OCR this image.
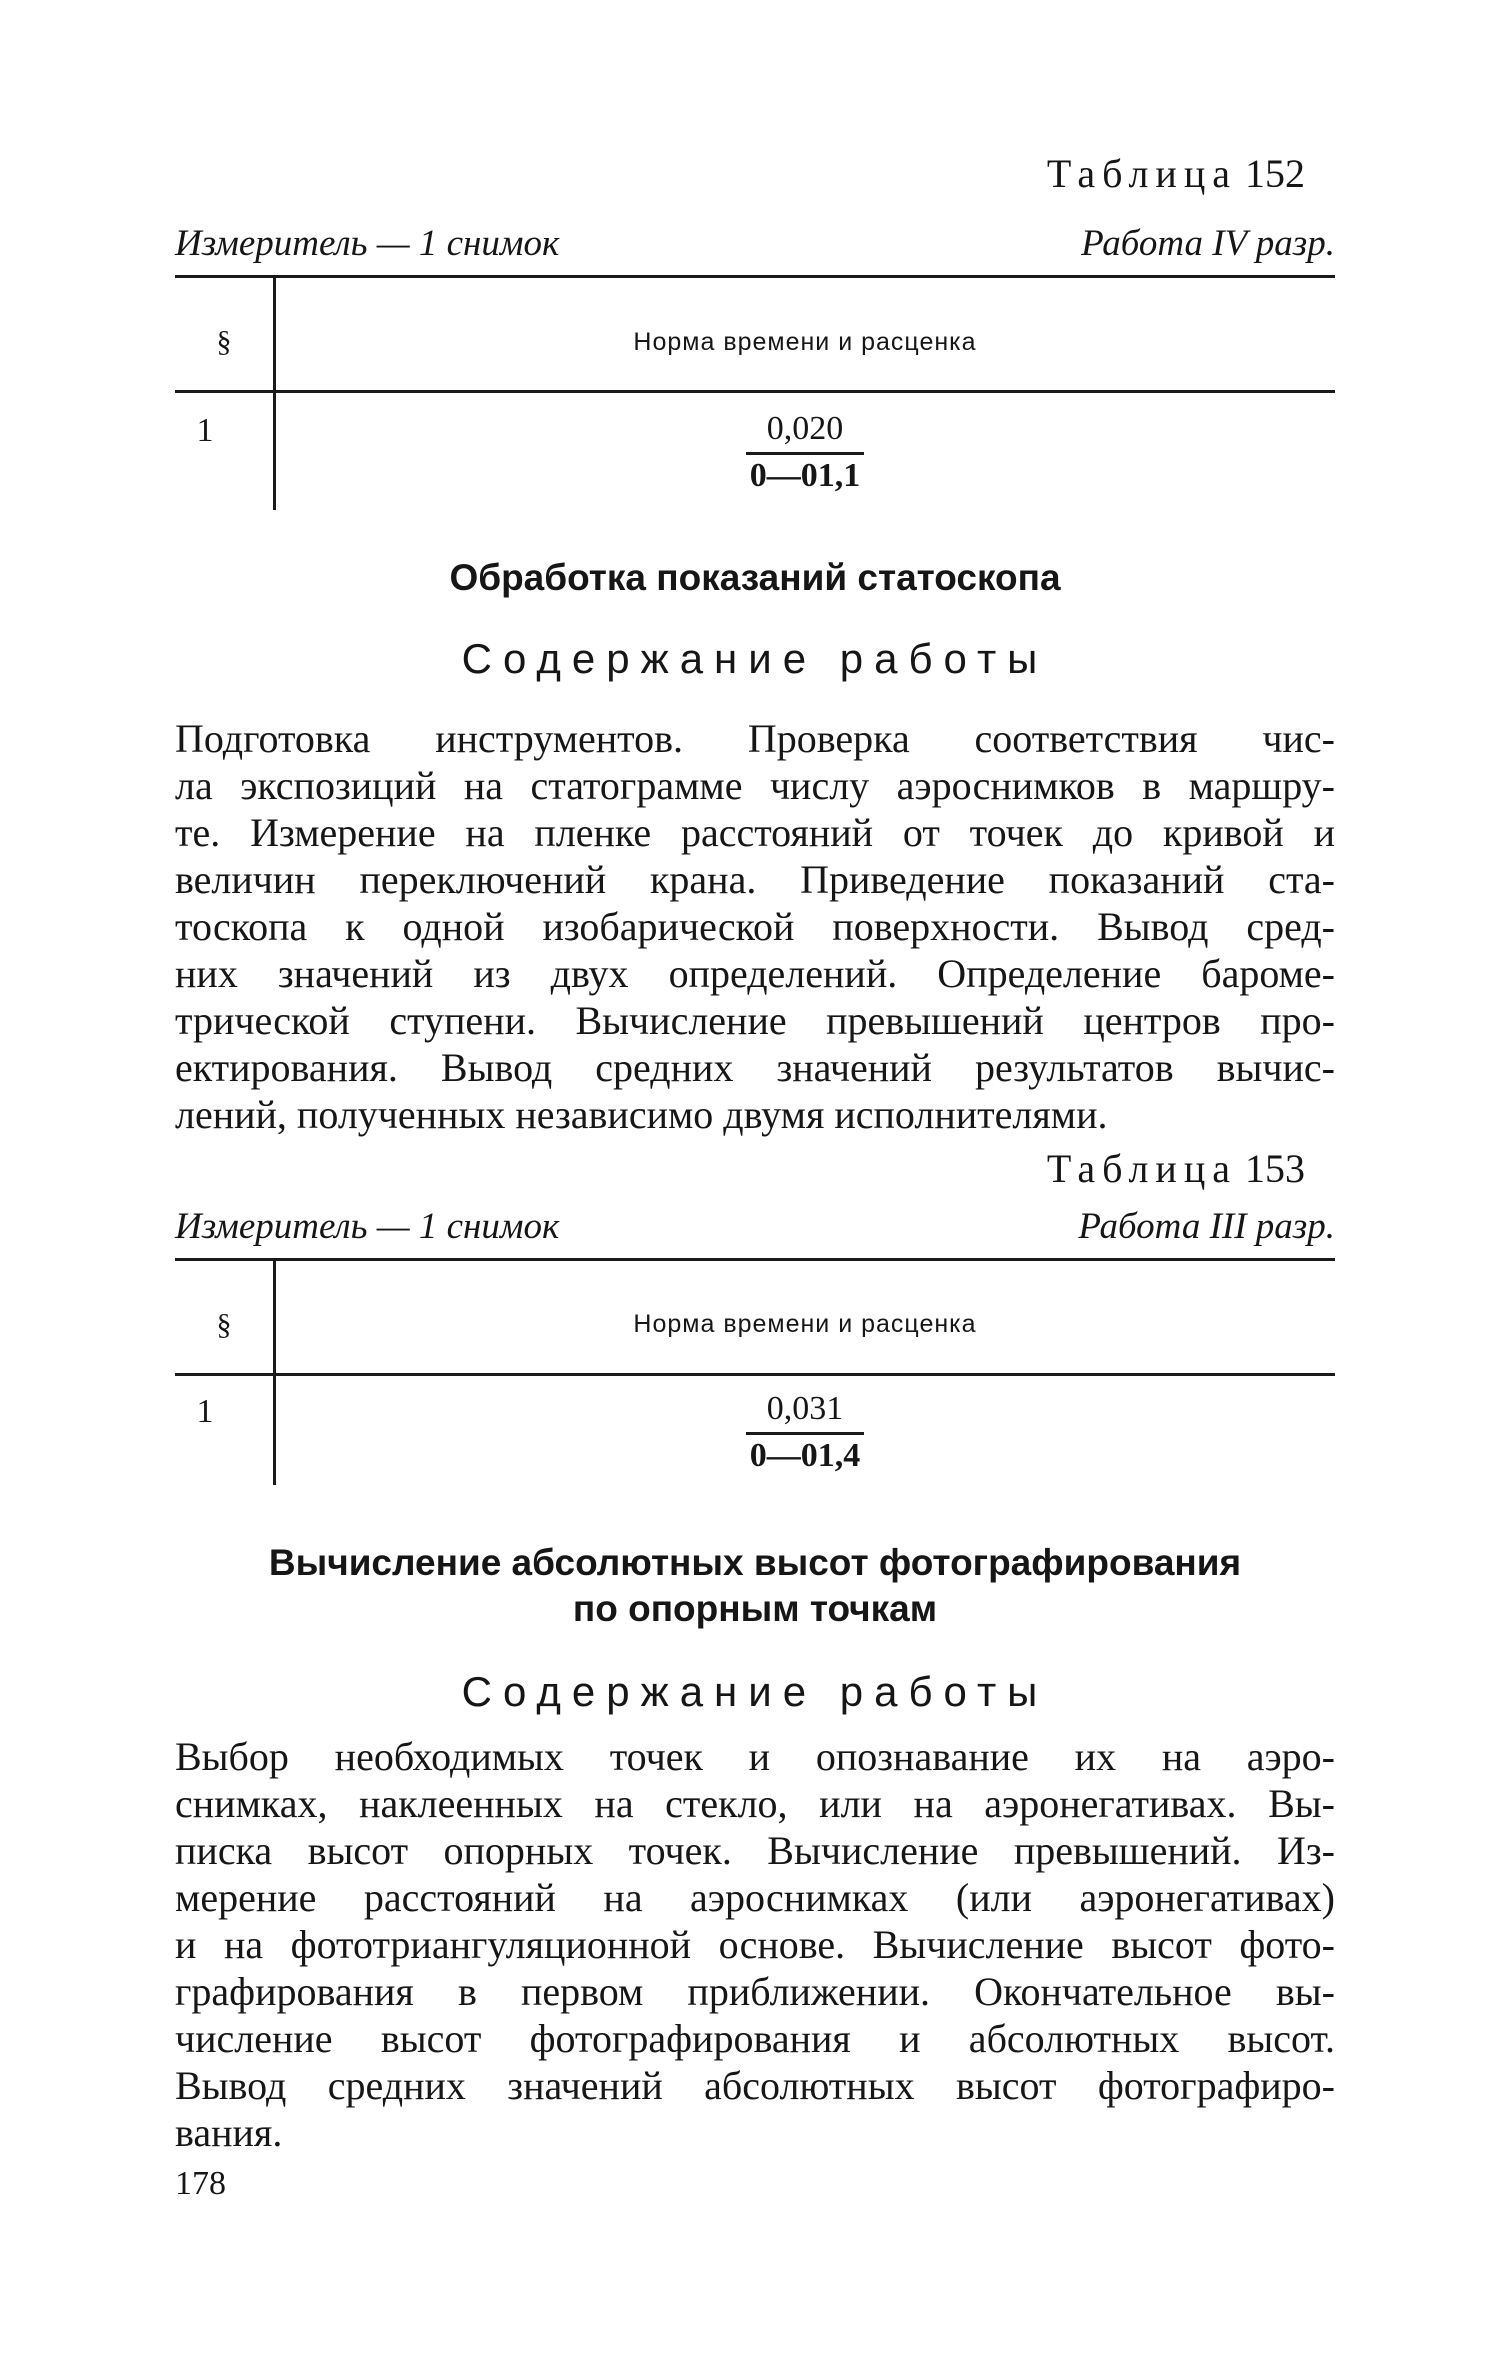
Таблица 152
Измеритель — 1 снимок	Работа IV разр.
§	Норма времени и расценка
1	$\frac{0,020}{0—01,1}$
Обработка показаний статоскопа
Содержание работы

Подготовка инструментов. Проверка соответствия чис-
ла экспозиций на статограмме числу аэроснимков в маршру-
те. Измерение на пленке расстояний от точек до кривой и
величин переключений крана. Приведение показаний ста-
тоскопа к одной изобарической поверхности. Вывод сред-
них значений из двух определений. Определение бароме-
трической ступени. Вычисление превышений центров про-
ектирования. Вывод средних значений результатов вычис-
лений, полученных независимо двумя исполнителями.

Таблица 153
Измеритель — 1 снимок	Работа III разр.
§	Норма времени и расценка
1	$\frac{0,031}{0—01,4}$
Вычисление абсолютных высот фотографирования
по опорным точкам
Содержание работы

Выбор необходимых точек и опознавание их на аэро-
снимках, наклеенных на стекло, или на аэронегативах. Вы-
писка высот опорных точек. Вычисление превышений. Из-
мерение расстояний на аэроснимках (или аэронегативах)
и на фототриангуляционной основе. Вычисление высот фото-
графирования в первом приближении. Окончательное вы-
числение высот фотографирования и абсолютных высот.
Вывод средних значений абсолютных высот фотографиро-
вания.

178
